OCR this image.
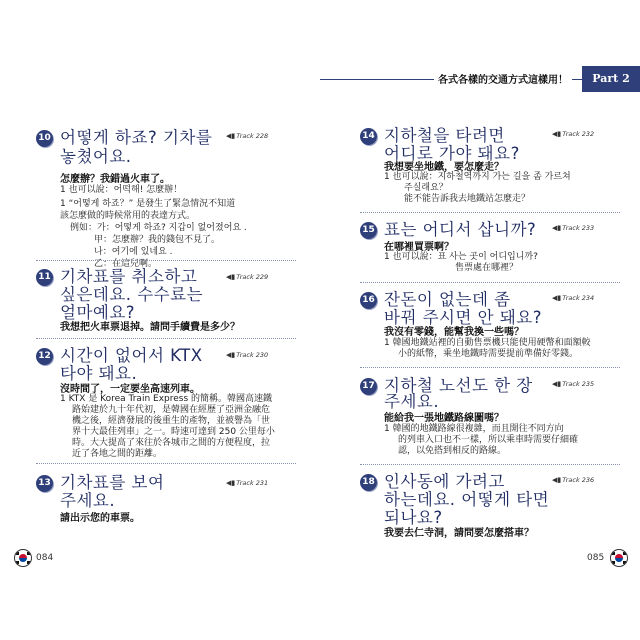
各式各樣的交通方式這樣用！	Part 2
10 어떻게 하죠? 기차를
놓쳤어요.
◀▮Track 228
怎麼辦？我錯過火車了。
1 也可以說：어떡해! 怎麼辦！
1 “어떻게 하죠？” 是發生了緊急情況不知道
該怎麼做的時候常用的表達方式。
例如：가：어떻게 하죠? 지갑이 없어졌어요 .
甲：怎麼辦？我的錢包不見了。
나：여기에 있네요 .
乙：在這兒啊。
11 기차표를 취소하고
싶은데요. 수수료는
얼마예요?
◀▮Track 229
我想把火車票退掉。請問手續費是多少？
12 시간이 없어서 KTX
타야 돼요.
◀▮Track 230
沒時間了，一定要坐高速列車。
1 KTX 是 Korea Train Express 的簡稱。韓國高速鐵
路始建於九十年代初，是韓國在經歷了亞洲金融危
機之後，經濟發展的後重生的產物，並被譽為「世
界十大最佳列車」之一。時速可達到 250 公里每小
時。大大提高了來往於各城市之間的方便程度，拉
近了各地之間的距離。
13 기차표를 보여
주세요.
◀▮Track 231
請出示您的車票。
084
14 지하철을 타려면
어디로 가야 돼요?
◀▮Track 232
我想要坐地鐵，要怎麼走？
1 也可以說：지하철역까지 가는 길을 좀 가르쳐
주실래요？
能不能告訴我去地鐵站怎麼走？
15 표는 어디서 삽니까? ◀▮Track 233
在哪裡買票啊？
1 也可以說：표 사는 곳이 어디입니까?
售票處在哪裡？
16 잔돈이 없는데 좀
바꿔 주시면 안 돼요?
◀▮Track 234
我沒有零錢，能幫我換一些嗎？
1 韓國地鐵站裡的自動售票機只能使用硬幣和面額較
小的紙幣，乘坐地鐵時需要提前準備好零錢。
17 지하철 노선도 한 장
주세요.
◀▮Track 235
能給我一張地鐵路線圖嗎？
1 韓國的地鐵路線很複雜，而且開往不同方向
的列車入口也不一樣，所以乘車時需要仔細確
認，以免搭到相反的路線。
18 인사동에 가려고
하는데요. 어떻게 타면
되나요?
◀▮Track 236
我要去仁寺洞，請問要怎麼搭車？
085
